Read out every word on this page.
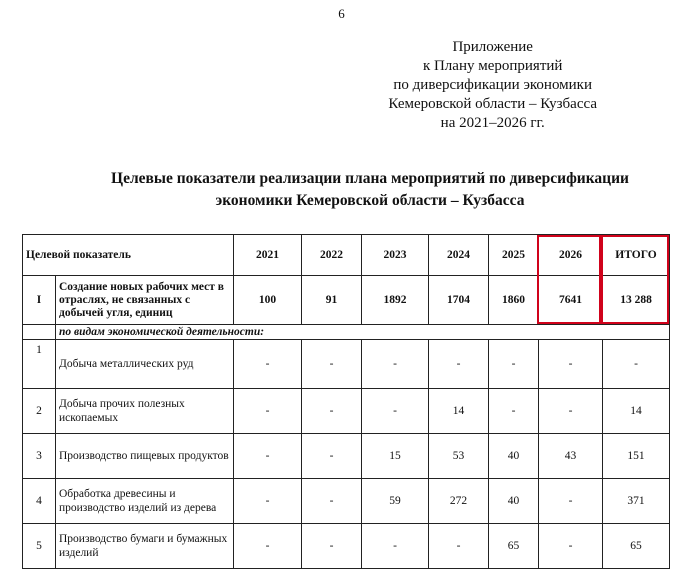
6
Приложение
к Плану мероприятий
по диверсификации экономики
Кемеровской области – Кузбасса
на 2021–2026 гг.
Целевые показатели реализации плана мероприятий по диверсификации
экономики Кемеровской области – Кузбасса
Целевой показатель		2021	2022	2023	2024	2025	2026	ИТОГО
I	Создание новых рабочих мест в отраслях, не связанных с добычей угля, единиц	100	91	1892	1704	1860	7641	13 288
	по видам экономической деятельности:							
1	Добыча металлических руд	-	-	-	-	-	-	-
2	Добыча прочих полезных ископаемых	-	-	-	14	-	-	14
3	Производство пищевых продуктов	-	-	15	53	40	43	151
4	Обработка древесины и производство изделий из дерева	-	-	59	272	40	-	371
5	Производство бумаги и бумажных изделий	-	-	-	-	65	-	65
